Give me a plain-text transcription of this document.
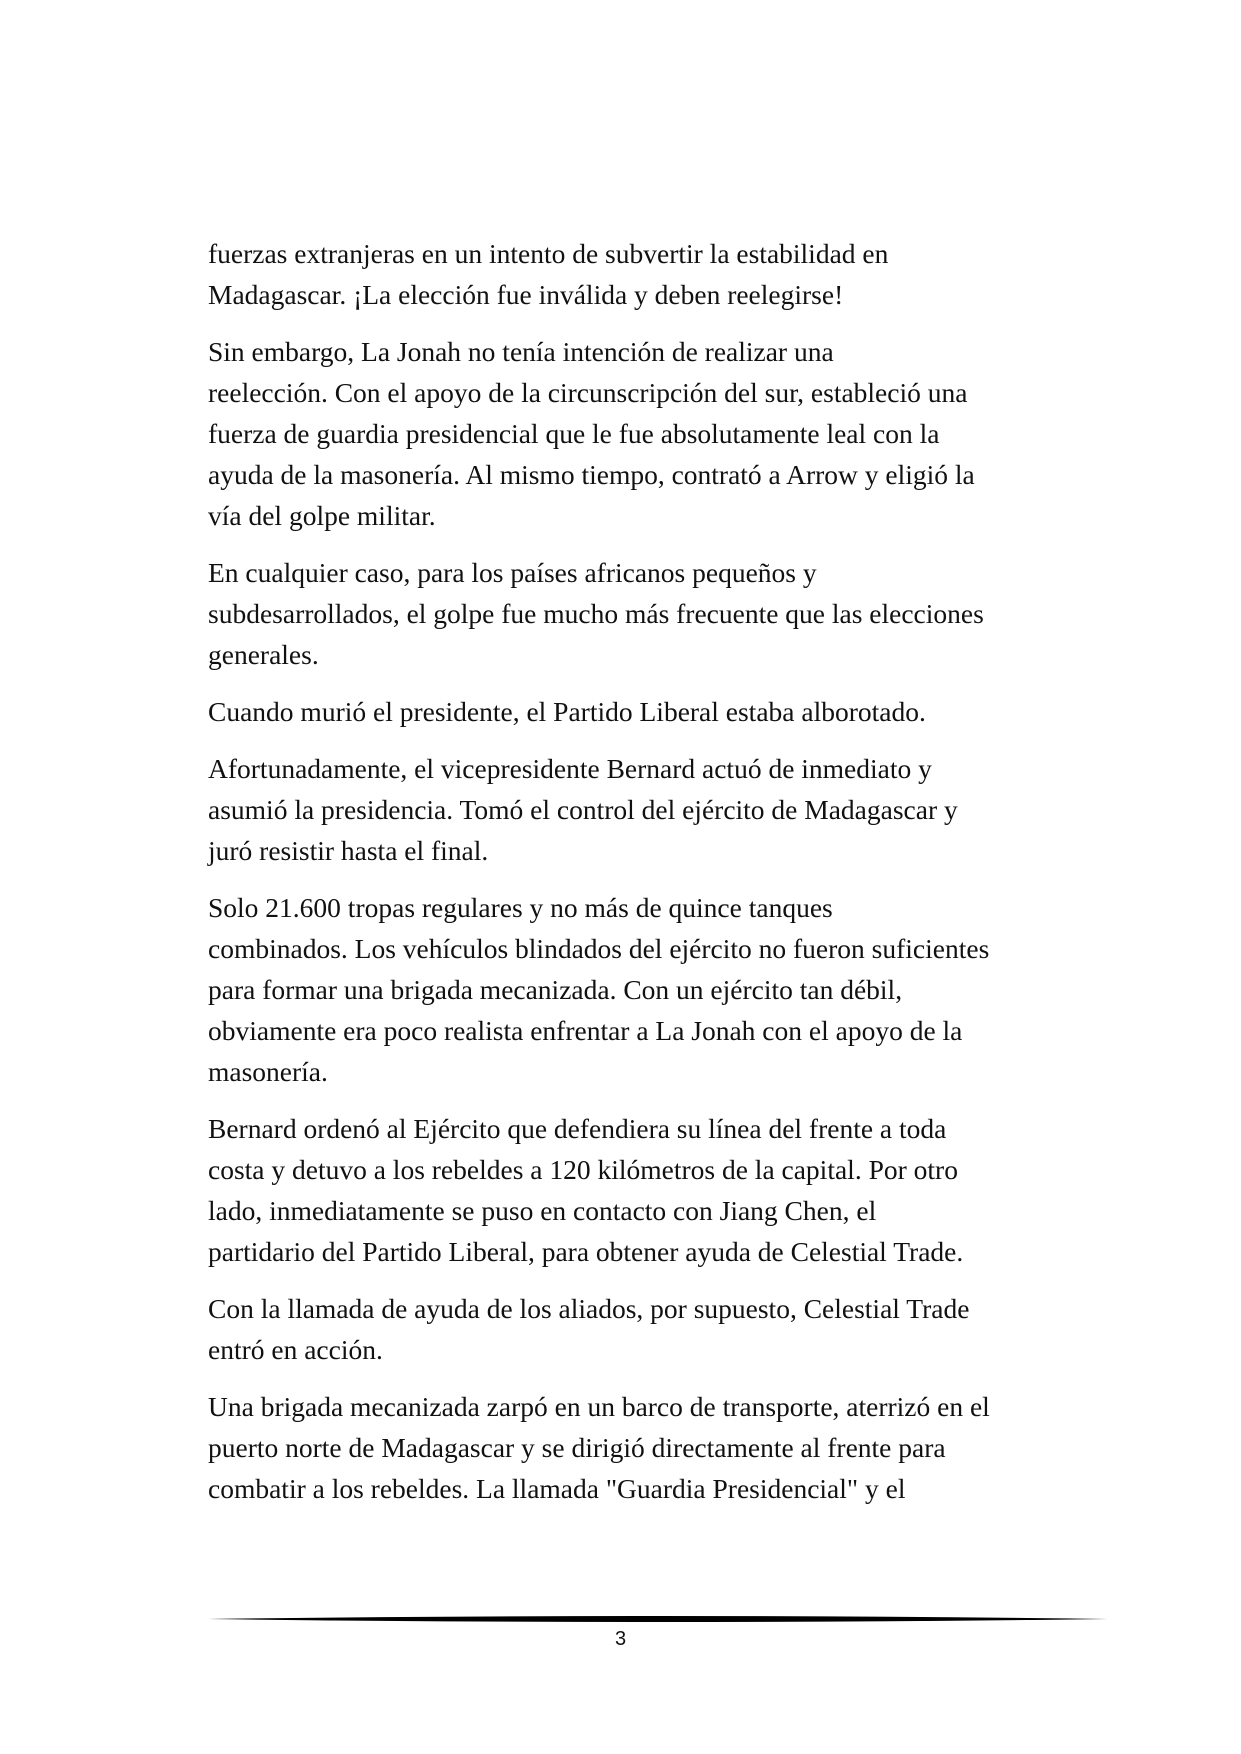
fuerzas extranjeras en un intento de subvertir la estabilidad en
Madagascar. ¡La elección fue inválida y deben reelegirse!

Sin embargo, La Jonah no tenía intención de realizar una
reelección. Con el apoyo de la circunscripción del sur, estableció una
fuerza de guardia presidencial que le fue absolutamente leal con la
ayuda de la masonería. Al mismo tiempo, contrató a Arrow y eligió la
vía del golpe militar.

En cualquier caso, para los países africanos pequeños y
subdesarrollados, el golpe fue mucho más frecuente que las elecciones
generales.

Cuando murió el presidente, el Partido Liberal estaba alborotado.

Afortunadamente, el vicepresidente Bernard actuó de inmediato y
asumió la presidencia. Tomó el control del ejército de Madagascar y
juró resistir hasta el final.

Solo 21.600 tropas regulares y no más de quince tanques
combinados. Los vehículos blindados del ejército no fueron suficientes
para formar una brigada mecanizada. Con un ejército tan débil,
obviamente era poco realista enfrentar a La Jonah con el apoyo de la
masonería.

Bernard ordenó al Ejército que defendiera su línea del frente a toda
costa y detuvo a los rebeldes a 120 kilómetros de la capital. Por otro
lado, inmediatamente se puso en contacto con Jiang Chen, el
partidario del Partido Liberal, para obtener ayuda de Celestial Trade.

Con la llamada de ayuda de los aliados, por supuesto, Celestial Trade
entró en acción.

Una brigada mecanizada zarpó en un barco de transporte, aterrizó en el
puerto norte de Madagascar y se dirigió directamente al frente para
combatir a los rebeldes. La llamada "Guardia Presidencial" y el

3
